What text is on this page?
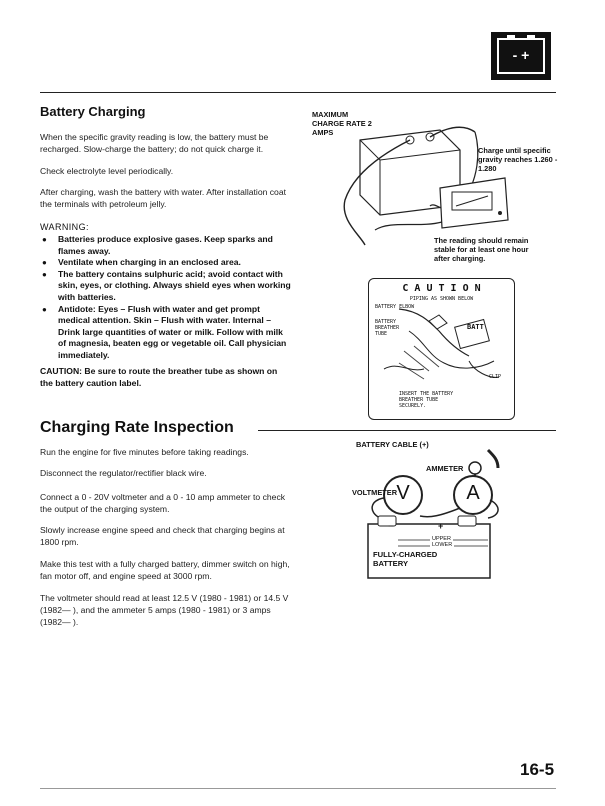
- +
Battery Charging

When the specific gravity reading is low, the battery must be recharged. Slow-charge the battery; do not quick charge it.

Check electrolyte level periodically.

After charging, wash the battery with water. After installation coat the terminals with petroleum jelly.

WARNING:
● Batteries produce explosive gases. Keep sparks and flames away.
● Ventilate when charging in an enclosed area.
● The battery contains sulphuric acid; avoid contact with skin, eyes, or clothing. Always shield eyes when working with batteries.
● Antidote: Eyes – Flush with water and get prompt medical attention. Skin – Flush with water. Internal – Drink large quantities of water or milk. Follow with milk of magnesia, beaten egg or vegetable oil. Call physician immediately.
CAUTION: Be sure to route the breather tube as shown on the battery caution label.
MAXIMUM CHARGE RATE 2 AMPS
Charge until specific gravity reaches 1.260 - 1.280
The reading should remain stable for at least one hour after charging.
C A U T I O N
PIPING AS SHOWN BELOW
BATTERY ELBOW
BATTERY BREATHER TUBE
BATT
CLIP
INSERT THE BATTERY
BREATHER TUBE
SECURELY.
Charging Rate Inspection

Run the engine for five minutes before taking readings.

Disconnect the regulator/rectifier black wire.

Connect a 0 - 20V voltmeter and a 0 - 10 amp ammeter to check the output of the charging system.

Slowly increase engine speed and check that charging begins at 1800 rpm.

Make this test with a fully charged battery, dimmer switch on high, fan motor off, and engine speed at 3000 rpm.

The voltmeter should read at least 12.5 V (1980 - 1981) or 14.5 V (1982— ), and the ammeter 5 amps (1980 - 1981) or 3 amps (1982— ).

BATTERY CABLE (+)
AMMETER
VOLTMETER V	A
−	+
UPPER
LOWER
FULLY-CHARGED
BATTERY
16-5
